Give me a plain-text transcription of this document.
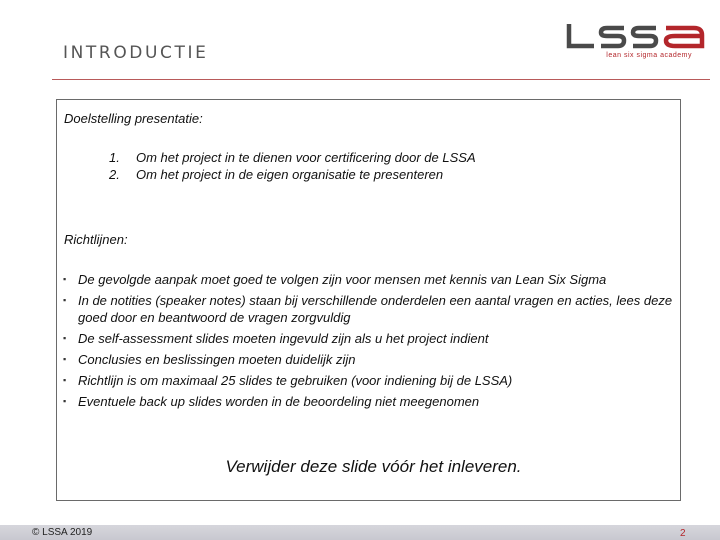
INTRODUCTIE	lean six sigma academy
Doelstelling presentatie:
1.	Om het project in te dienen voor certificering door de LSSA
2.	Om het project in de eigen organisatie te presenteren
Richtlijnen:
▪ De gevolgde aanpak moet goed te volgen zijn voor mensen met kennis van Lean Six Sigma
▪ In de notities (speaker notes) staan bij verschillende onderdelen een aantal vragen en acties, lees deze goed door en beantwoord de vragen zorgvuldig
▪ De self-assessment slides moeten ingevuld zijn als u het project indient
▪ Conclusies en beslissingen moeten duidelijk zijn
▪ Richtlijn is om maximaal 25 slides te gebruiken (voor indiening bij de LSSA)
▪ Eventuele back up slides worden in de beoordeling niet meegenomen
Verwijder deze slide vóór het inleveren.
© LSSA 2019	2
